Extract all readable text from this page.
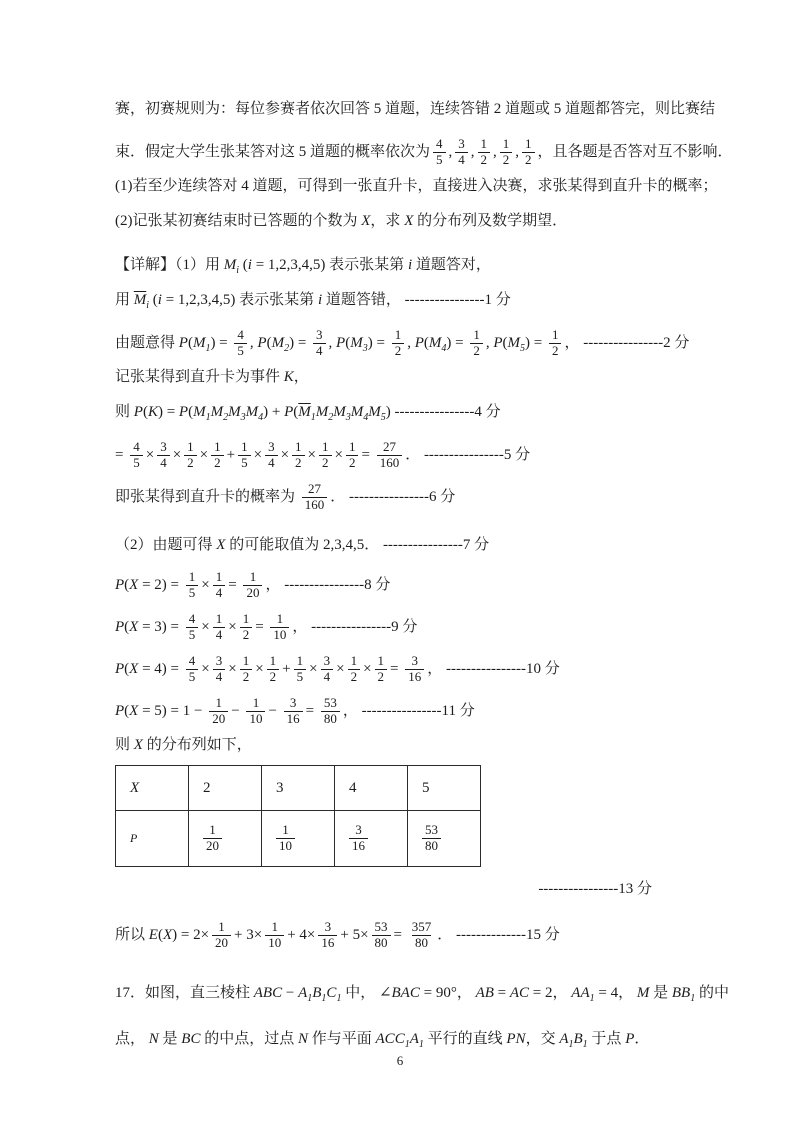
赛，初赛规则为：每位参赛者依次回答 5 道题，连续答错 2 道题或 5 道题都答完，则比赛结
束．假定大学生张某答对这 5 道题的概率依次为 $\frac{4}{5}$ , $\frac{3}{4}$ , $\frac{1}{2}$ , $\frac{1}{2}$ , $\frac{1}{2}$ ，且各题是否答对互不影响．
(1)若至少连续答对 4 道题，可得到一张直升卡，直接进入决赛，求张某得到直升卡的概率；
(2)记张某初赛结束时已答题的个数为 X ，求 X 的分布列及数学期望．
【详解】（1）用 $M_i$ ( i = 1,2,3,4,5) 表示张某第 i 道题答对，
用 $\overline{M}_i$ ( i = 1,2,3,4,5) 表示张某第 i 道题答错， ----------------1 分
由题意得 P ( $M_1$ ) = $\frac{4}{5}$ , P ( $M_2$ ) = $\frac{3}{4}$ , P ( $M_3$ ) = $\frac{1}{2}$ , P ( $M_4$ ) = $\frac{1}{2}$ , P ( $M_5$ ) = $\frac{1}{2}$ ， ----------------2 分
记张某得到直升卡为事件 K ，
则 P ( K ) = P ( $M_1$ $M_2$ $M_3$ $M_4$ ) + P ( $\overline{M}_1$ $M_2$ $M_3$ $M_4$ $M_5$ ) ----------------4 分
= $\frac{4}{5} \times \frac{3}{4} \times \frac{1}{2} \times \frac{1}{2} + \frac{1}{5} \times \frac{3}{4} \times \frac{1}{2} \times \frac{1}{2} \times \frac{1}{2} = \frac{27}{160}$ ． ----------------5 分
即张某得到直升卡的概率为 $\frac{27}{160}$ ． ----------------6 分
（2）由题可得 X 的可能取值为 2,3,4,5． ----------------7 分
P ( $X = 2) = \frac{1}{5} \times \frac{1}{4} = \frac{1}{20}$ ， ----------------8 分
P ( $X = 3) = \frac{4}{5} \times \frac{1}{4} \times \frac{1}{2} = \frac{1}{10}$ ， ----------------9 分
P ( $X = 4) = \frac{4}{5} \times \frac{3}{4} \times \frac{1}{2} \times \frac{1}{2} + \frac{1}{5} \times \frac{3}{4} \times \frac{1}{2} \times \frac{1}{2} = \frac{3}{16}$ ， ----------------10 分
P ( $X = 5) = 1 - \frac{1}{20} - \frac{1}{10} - \frac{3}{16} = \frac{53}{80}$ ， ----------------11 分
则 X 的分布列如下，
X	2	3	4	5
P	$\frac{1}{20}$	$\frac{1}{10}$	$\frac{3}{16}$	$\frac{53}{80}$
----------------13 分
所以 E ( X ) = $2\times \frac{1}{20} + 3\times \frac{1}{10} + 4\times \frac{3}{16} + 5\times \frac{53}{80} = \frac{357}{80}$ ． --------------15 分
17．如图，直三棱柱 ABC − $A_1$ $B_1$ $C_1$ 中， ∠ BAC = 90°， AB = AC = 2， A $A_1 = 4$， M 是 B $B_1$ 的中
点， N 是 BC 的中点，过点 N 作与平面 AC $C_1$ $A_1$ 平行的直线 PN ，交 $A_1$ $B_1$ 于点 P ．
6
